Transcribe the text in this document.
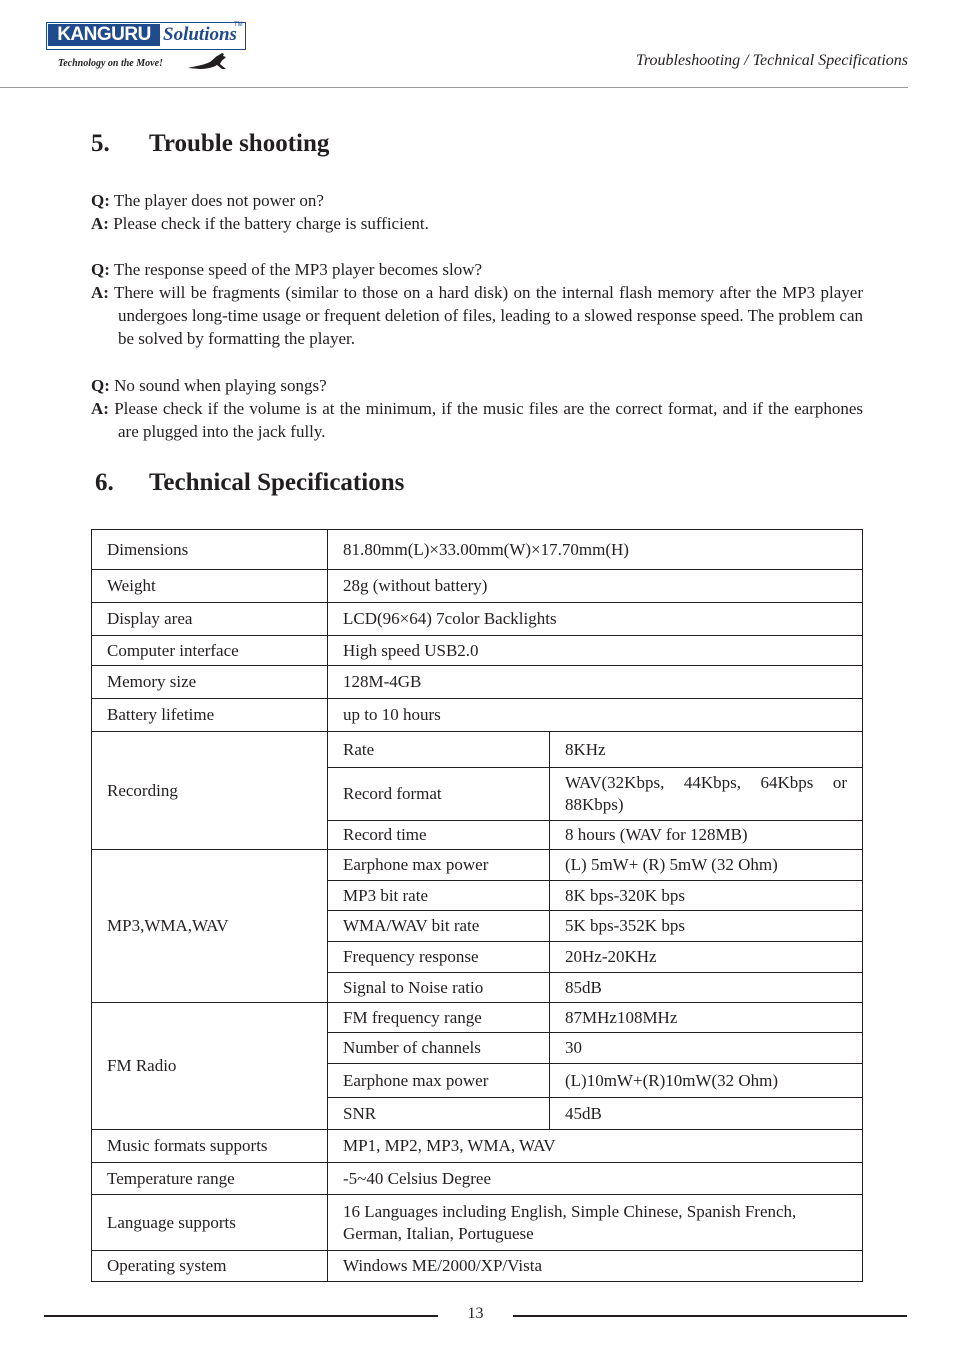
KANGURU Solutions
TM
Technology on the Move!	Troubleshooting / Technical Specifications
5. Trouble shooting

Q: The player does not power on?

A: Please check if the battery charge is sufficient.

Q: The response speed of the MP3 player becomes slow?

A: There will be fragments (similar to those on a hard disk) on the internal flash memory after the MP3 player undergoes long-time usage or frequent deletion of files, leading to a slowed response speed. The problem can be solved by formatting the player.

Q: No sound when playing songs?

A: Please check if the volume is at the minimum, if the music files are the correct format, and if the earphones are plugged into the jack fully.

6. Technical Specifications
Dimensions	81.80mm(L)×33.00mm(W)×17.70mm(H)	
Weight	28g (without battery)	
Display area	LCD(96×64) 7color Backlights	
Computer interface	High speed USB2.0	
Memory size	128M-4GB	
Battery lifetime	up to 10 hours	
Recording	Rate	8KHz
	Record format	WAV(32Kbps, 44Kbps, 64Kbps or
88Kbps)

	Record time	8 hours (WAV for 128MB)
MP3,WMA,WAV	Earphone max power	(L) 5mW+ (R) 5mW (32 Ohm)
	MP3 bit rate	8K bps-320K bps
	WMA/WAV bit rate	5K bps-352K bps
	Frequency response	20Hz-20KHz
	Signal to Noise ratio	85dB
FM Radio	FM frequency range	87MHz108MHz
	Number of channels	30
	Earphone max power	(L)10mW+(R)10mW(32 Ohm)
	SNR	45dB
Music formats supports	MP1, MP2, MP3, WMA, WAV	
Temperature range	-5~40 Celsius Degree	
Language supports	16 Languages including English, Simple Chinese, Spanish French,
German, Italian, Portuguese	

Operating system	Windows ME/2000/XP/Vista	
13
